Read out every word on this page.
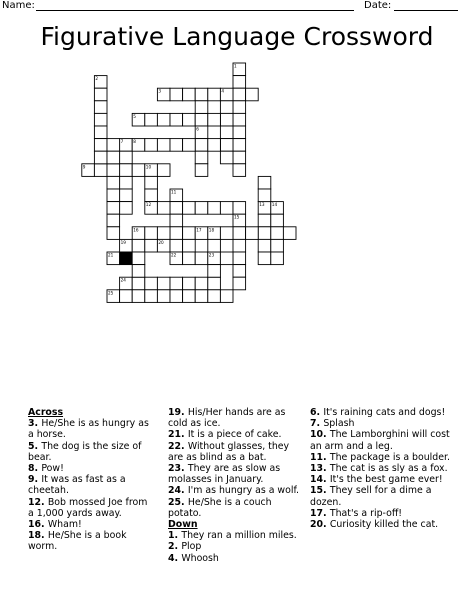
Name:	Date:
Figurative Language Crossword
1
2
3	4
5
6
7 8
9	10
11
12	13 14
15
16	17 18
19	20
21	22	23
24
25
Across
3. He/She is as hungry as a horse.
5. The dog is the size of bear.
8. Pow!
9. It was as fast as a cheetah.
12. Bob mossed Joe from a 1,000 yards away.
16. Wham!
18. He/She is a book worm.
19. His/Her hands are as cold as ice.
21. It is a piece of cake.
22. Without glasses, they are as blind as a bat.
23. They are as slow as molasses in January.
24. I'm as hungry as a wolf.
25. He/She is a couch potato.
Down
1. They ran a million miles.
2. Plop
4. Whoosh
6. It's raining cats and dogs!
7. Splash
10. The Lamborghini will cost an arm and a leg.
11. The package is a boulder.
13. The cat is as sly as a fox.
14. It's the best game ever!
15. They sell for a dime a dozen.
17. That's a rip-off!
20. Curiosity killed the cat.
